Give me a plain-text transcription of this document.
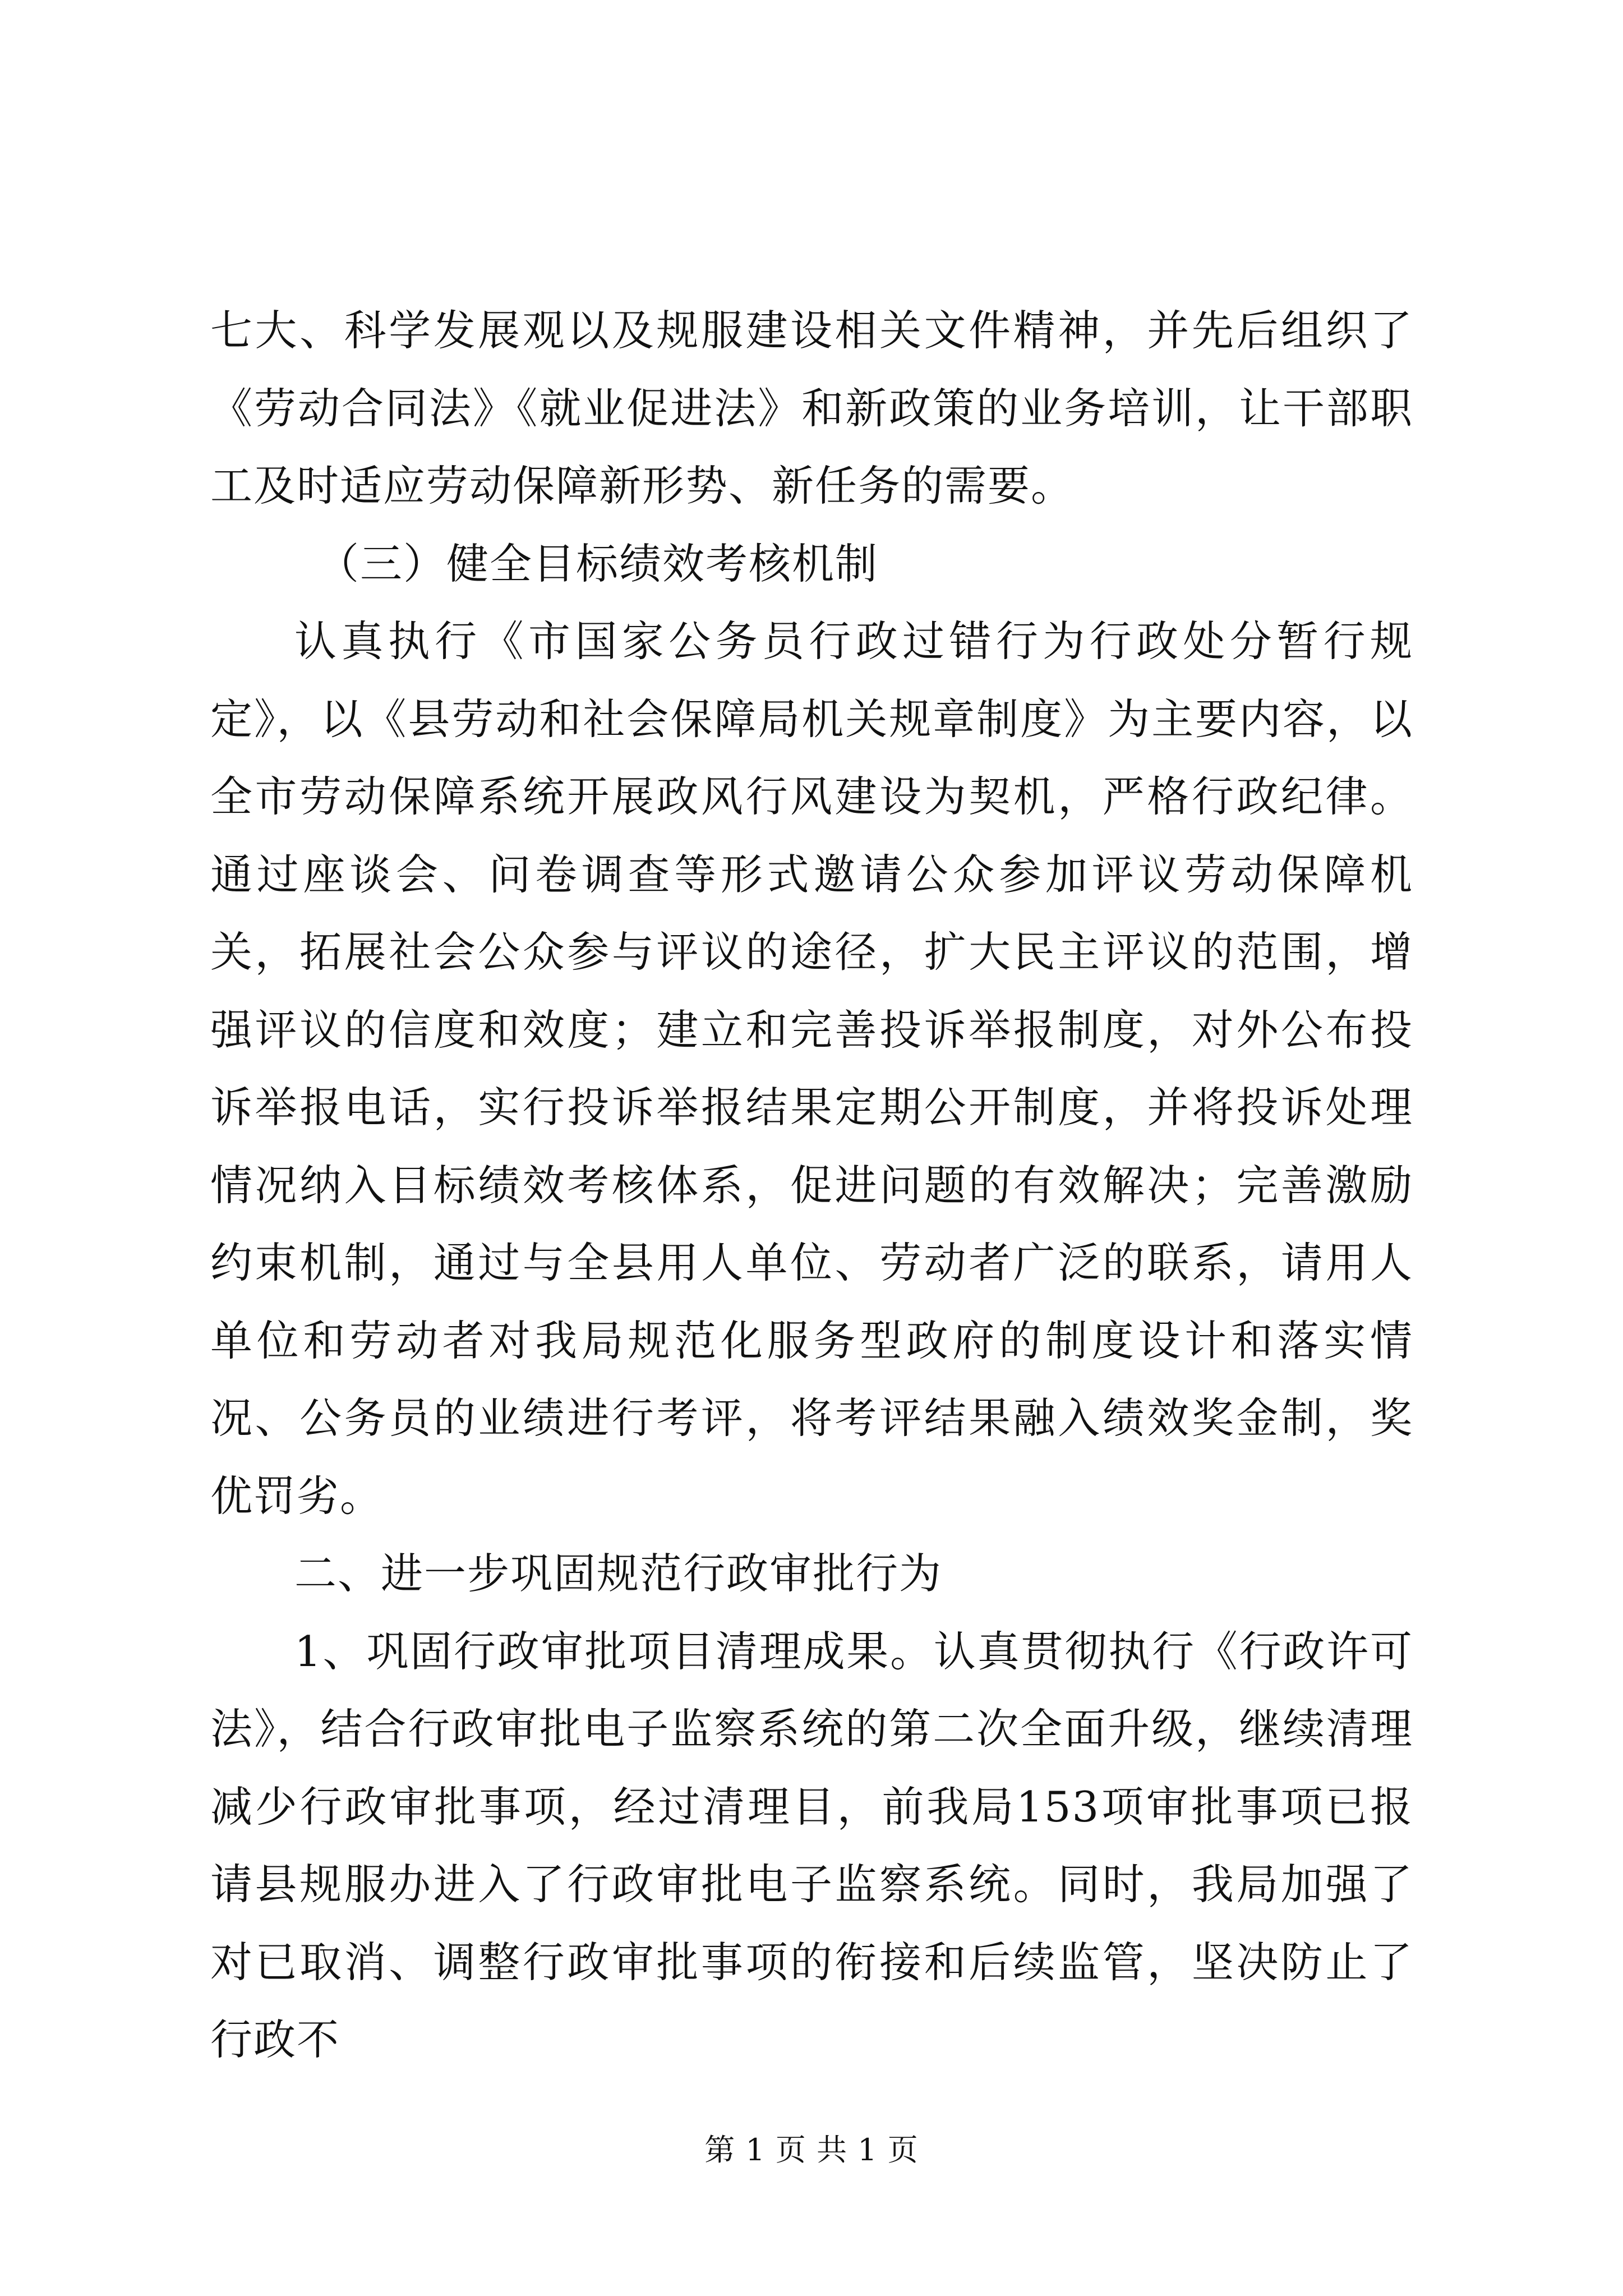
七大、科学发展观以及规服建设相关文件精神，并先后组织了《劳动合同法》《就业促进法》和新政策的业务培训，让干部职工及时适应劳动保障新形势、新任务的需要。

（三）健全目标绩效考核机制

认真执行《市国家公务员行政过错行为行政处分暂行规定》，以《县劳动和社会保障局机关规章制度》为主要内容，以全市劳动保障系统开展政风行风建设为契机，严格行政纪律。通过座谈会、问卷调查等形式邀请公众参加评议劳动保障机关，拓展社会公众参与评议的途径，扩大民主评议的范围，增强评议的信度和效度；建立和完善投诉举报制度，对外公布投诉举报电话，实行投诉举报结果定期公开制度，并将投诉处理情况纳入目标绩效考核体系，促进问题的有效解决；完善激励约束机制，通过与全县用人单位、劳动者广泛的联系，请用人单位和劳动者对我局规范化服务型政府的制度设计和落实情况、公务员的业绩进行考评，将考评结果融入绩效奖金制，奖优罚劣。

二、进一步巩固规范行政审批行为

1、巩固行政审批项目清理成果。认真贯彻执行《行政许可法》，结合行政审批电子监察系统的第二次全面升级，继续清理减少行政审批事项，经过清理目，前我局153项审批事项已报请县规服办进入了行政审批电子监察系统。同时，我局加强了对已取消、调整行政审批事项的衔接和后续监管，坚决防止了行政不

第 1 页 共 1 页
